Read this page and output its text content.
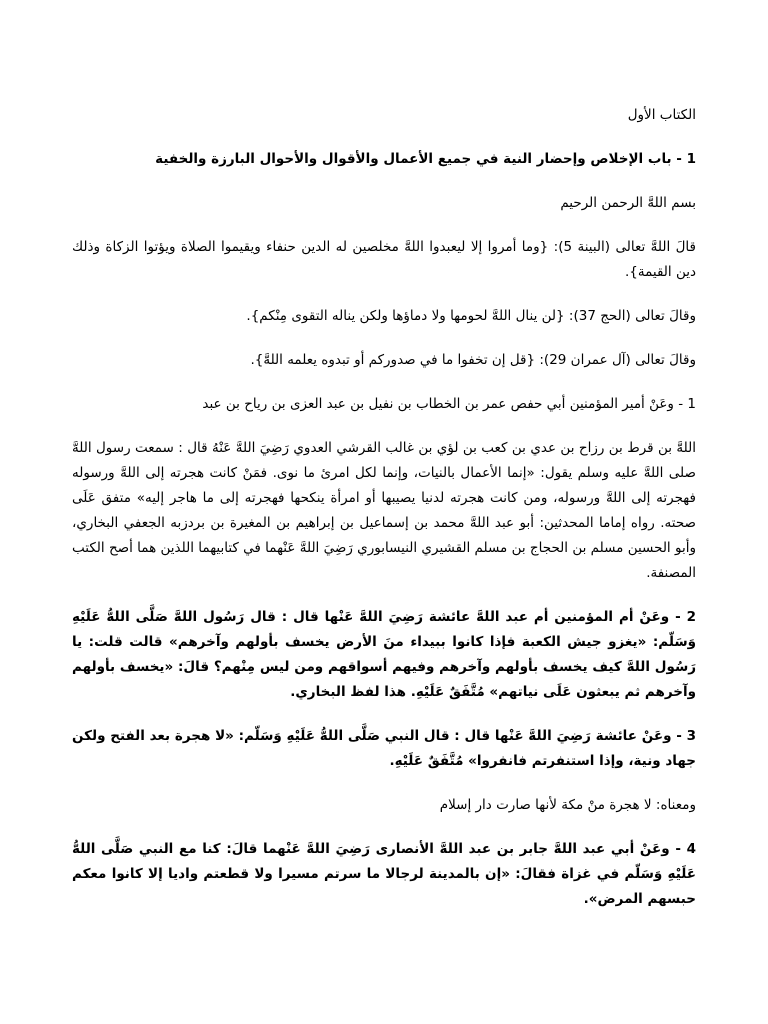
الكتاب الأول

1 - باب الإخلاص وإحضار النية في جميع الأعمال والأقوال والأحوال البارزة والخفية

بسم اللهَّ الرحمن الرحيم

قالَ اللهَّ تعالى (البينة 5): {وما أمروا إلا ليعبدوا اللهَّ مخلصين له الدين حنفاء ويقيموا الصلاة ويؤتوا الزكاة وذلك دين القيمة}.

وقالَ تعالى (الحج 37): {لن ينال اللهَّ لحومها ولا دماؤها ولكن يناله التقوى مِنْكم}.

وقالَ تعالى (آل عمران 29): {قل إن تخفوا ما في صدوركم أو تبدوه يعلمه اللهَّ}.

1 - وعَنْ أمير المؤمنين أبي حفص عمر بن الخطاب بن نفيل بن عبد العزى بن رياح بن عبد

اللهَّ بن قرط بن رزاح بن عدي بن كعب بن لؤي بن غالب القرشي العدوي رَضِيَ اللهَّ عَنْهُ قال : سمعت رسول اللهَّ صلى اللهَّ عليه وسلم يقول: «إنما الأعمال بالنيات، وإنما لكل امرئ ما نوى. فمَنْ كانت هجرته إلى اللهَّ ورسوله فهجرته إلى اللهَّ ورسوله، ومن كانت هجرته لدنيا يصيبها أو امرأة ينكحها فهجرته إلى ما هاجر إليه» متفق عَلَى صحته. رواه إماما المحدثين: أبو عبد اللهَّ محمد بن إسماعيل بن إبراهيم بن المغيرة بن بردزبه الجعفي البخاري، وأبو الحسين مسلم بن الحجاج بن مسلم القشيري النيسابوري رَضِيَ اللهَّ عَنْهما في كتابيهما اللذين هما أصح الكتب المصنفة.

2 - وعَنْ أم المؤمنين أم عبد اللهَّ عائشة رَضِيَ اللهَّ عَنْها قال : قال رَسُول اللهَّ صَلَّى اللهُّ عَلَيْهِ وَسَلّم: «يغزو جيش الكعبة فإذا كانوا ببيداء منَ الأرض يخسف بأولهم وآخرهم» قالت قلت: يا رَسُول اللهَّ كيف يخسف بأولهم وآخرهم وفيهم أسواقهم ومن ليس مِنْهم؟ قالَ: «يخسف بأولهم وآخرهم ثم يبعثون عَلَى نياتهم» مُتَّفَقٌ عَلَيْهِ. هذا لفظ البخاري.

3 - وعَنْ عائشة رَضِيَ اللهَّ عَنْها قال : قال النبي صَلَّى اللهُّ عَلَيْهِ وَسَلّم: «لا هجرة بعد الفتح ولكن جهاد ونية، وإذا استنفرتم فانفروا» مُتَّفَقٌ عَلَيْهِ.

ومعناه: لا هجرة منْ مكة لأنها صارت دار إسلام

4 - وعَنْ أبي عبد اللهَّ جابر بن عبد اللهَّ الأنصارى رَضِيَ اللهَّ عَنْهما قالَ: كنا مع النبي صَلَّى اللهُّ عَلَيْهِ وَسَلّم في غزاة فقالَ: «إن بالمدينة لرجالا ما سرتم مسيرا ولا قطعتم واديا إلا كانوا معكم حبسهم المرض».
